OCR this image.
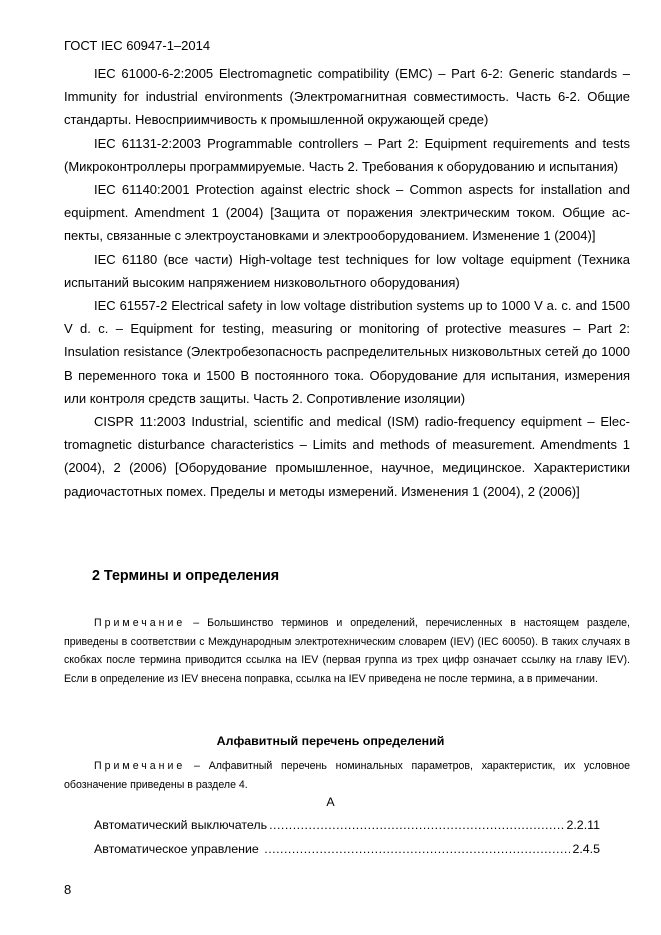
ГОСТ IEC 60947-1–2014

IEC 61000-6-2:2005 Electromagnetic compatibility (EMC) – Part 6-2: Generic standards – Immunity for industrial environments (Электромагнитная совместимость. Часть 6-2. Общие стандарты. Невосприимчивость к промышленной окружающей среде)

IEC 61131-2:2003 Programmable controllers – Part 2: Equipment requirements and tests (Микроконтроллеры программируемые. Часть 2. Требования к оборудованию и испытания)

IEC 61140:2001 Protection against electric shock – Common aspects for installation and equipment. Amendment 1 (2004) [Защита от поражения электрическим током. Общие аспекты, связанные с электроустановками и электрооборудованием. Изменение 1 (2004)]

IEC 61180 (все части) High-voltage test techniques for low voltage equipment (Техника испытаний высоким напряжением низковольтного оборудования)

IEC 61557-2 Electrical safety in low voltage distribution systems up to 1000 V a. c. and 1500 V d. c. – Equipment for testing, measuring or monitoring of protective measures – Part 2: Insulation resistance (Электробезопасность распределительных низковольтных сетей до 1000 В переменного тока и 1500 В постоянного тока. Оборудование для испытания, измерения или контроля средств защиты. Часть 2. Сопротивление изоляции)

CISPR 11:2003 Industrial, scientific and medical (ISM) radio-frequency equipment – Electromagnetic disturbance characteristics – Limits and methods of measurement. Amendments 1 (2004), 2 (2006) [Оборудование промышленное, научное, медицинское. Характеристики радиочастотных помех. Пределы и методы измерений. Изменения 1 (2004), 2 (2006)]

2 Термины и определения

Примечание – Большинство терминов и определений, перечисленных в настоящем разделе, приведены в соответствии с Международным электротехническим словарем (IEV) (IEC 60050). В таких случаях в скобках после термина приводится ссылка на IEV (первая группа из трех цифр означает ссылку на главу IEV). Если в определение из IEV внесена поправка, ссылка на IEV приведена не после термина, а в примечании.

Алфавитный перечень определений

Примечание – Алфавитный перечень номинальных параметров, характеристик, их условное обозначение приведены в разделе 4.

А
Автоматический выключатель .....	2.2.11
Автоматическое управление .....	2.4.5
8
